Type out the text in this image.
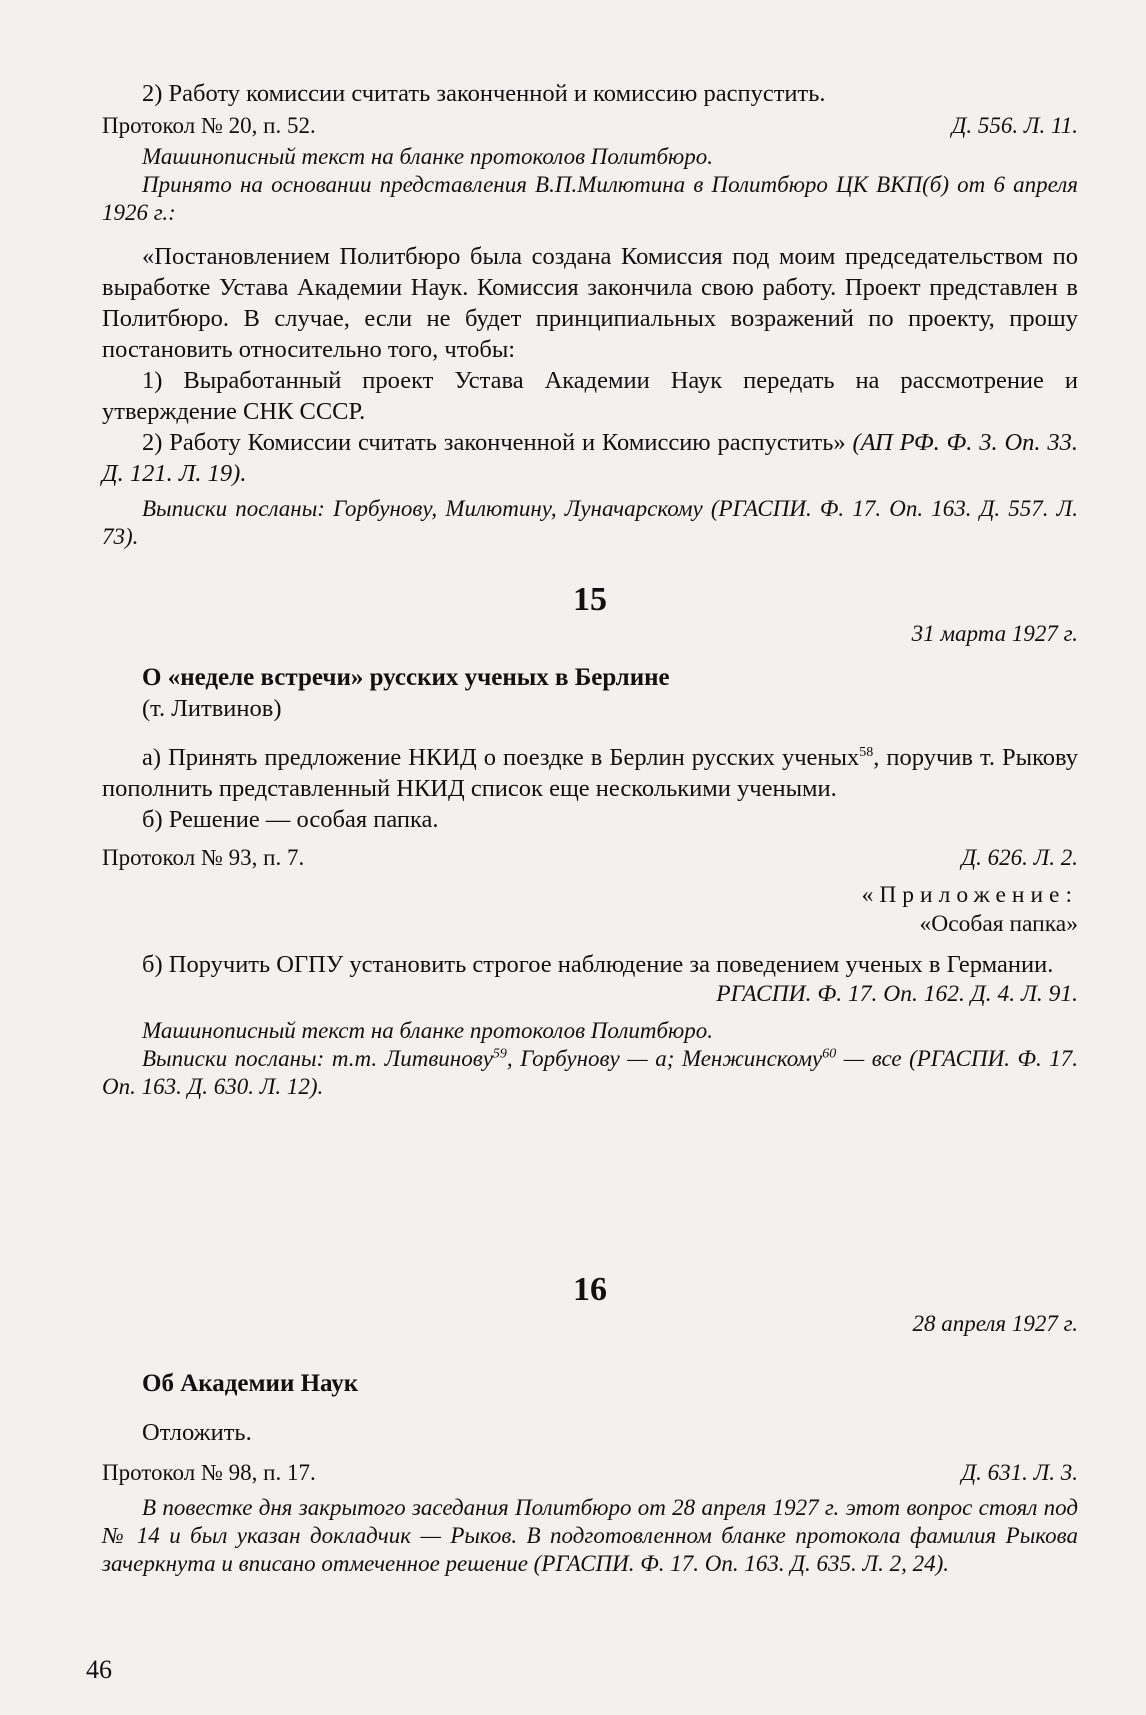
2) Работу комиссии считать законченной и комиссию распустить.

Протокол № 20, п. 52.	Д. 556. Л. 11.

Машинописный текст на бланке протоколов Политбюро.

Принято на основании представления В.П.Милютина в Политбюро ЦК ВКП(б) от 6 апреля 1926 г.:

«Постановлением Политбюро была создана Комиссия под моим председательством по выработке Устава Академии Наук. Комиссия закончила свою работу. Проект представлен в Политбюро. В случае, если не будет принципиальных возражений по проекту, прошу постановить относительно того, чтобы:

1) Выработанный проект Устава Академии Наук передать на рассмотрение и утверждение СНК СССР.

2) Работу Комиссии считать законченной и Комиссию распустить» (АП РФ. Ф. 3. Оп. 33. Д. 121. Л. 19).

Выписки посланы: Горбунову, Милютину, Луначарскому (РГАСПИ. Ф. 17. Оп. 163. Д. 557. Л. 73).

15

31 марта 1927 г.

О «неделе встречи» русских ученых в Берлине

(т. Литвинов)

а) Принять предложение НКИД о поездке в Берлин русских ученых$^{58}$, поручив т. Рыкову пополнить представленный НКИД список еще несколькими учеными.

б) Решение — особая папка.

Протокол № 93, п. 7.	Д. 626. Л. 2.

«Приложение:

«Особая папка»

б) Поручить ОГПУ установить строгое наблюдение за поведением ученых в Германии.

РГАСПИ. Ф. 17. Оп. 162. Д. 4. Л. 91.

Машинописный текст на бланке протоколов Политбюро.

Выписки посланы: т.т. Литвинову$^{59}$, Горбунову — а; Менжинскому$^{60}$ — все (РГАСПИ. Ф. 17. Оп. 163. Д. 630. Л. 12).

16

28 апреля 1927 г.

Об Академии Наук

Отложить.

Протокол № 98, п. 17.	Д. 631. Л. 3.

В повестке дня закрытого заседания Политбюро от 28 апреля 1927 г. этот вопрос стоял под № 14 и был указан докладчик — Рыков. В подготовленном бланке протокола фамилия Рыкова зачеркнута и вписано отмеченное решение (РГАСПИ. Ф. 17. Оп. 163. Д. 635. Л. 2, 24).

46
